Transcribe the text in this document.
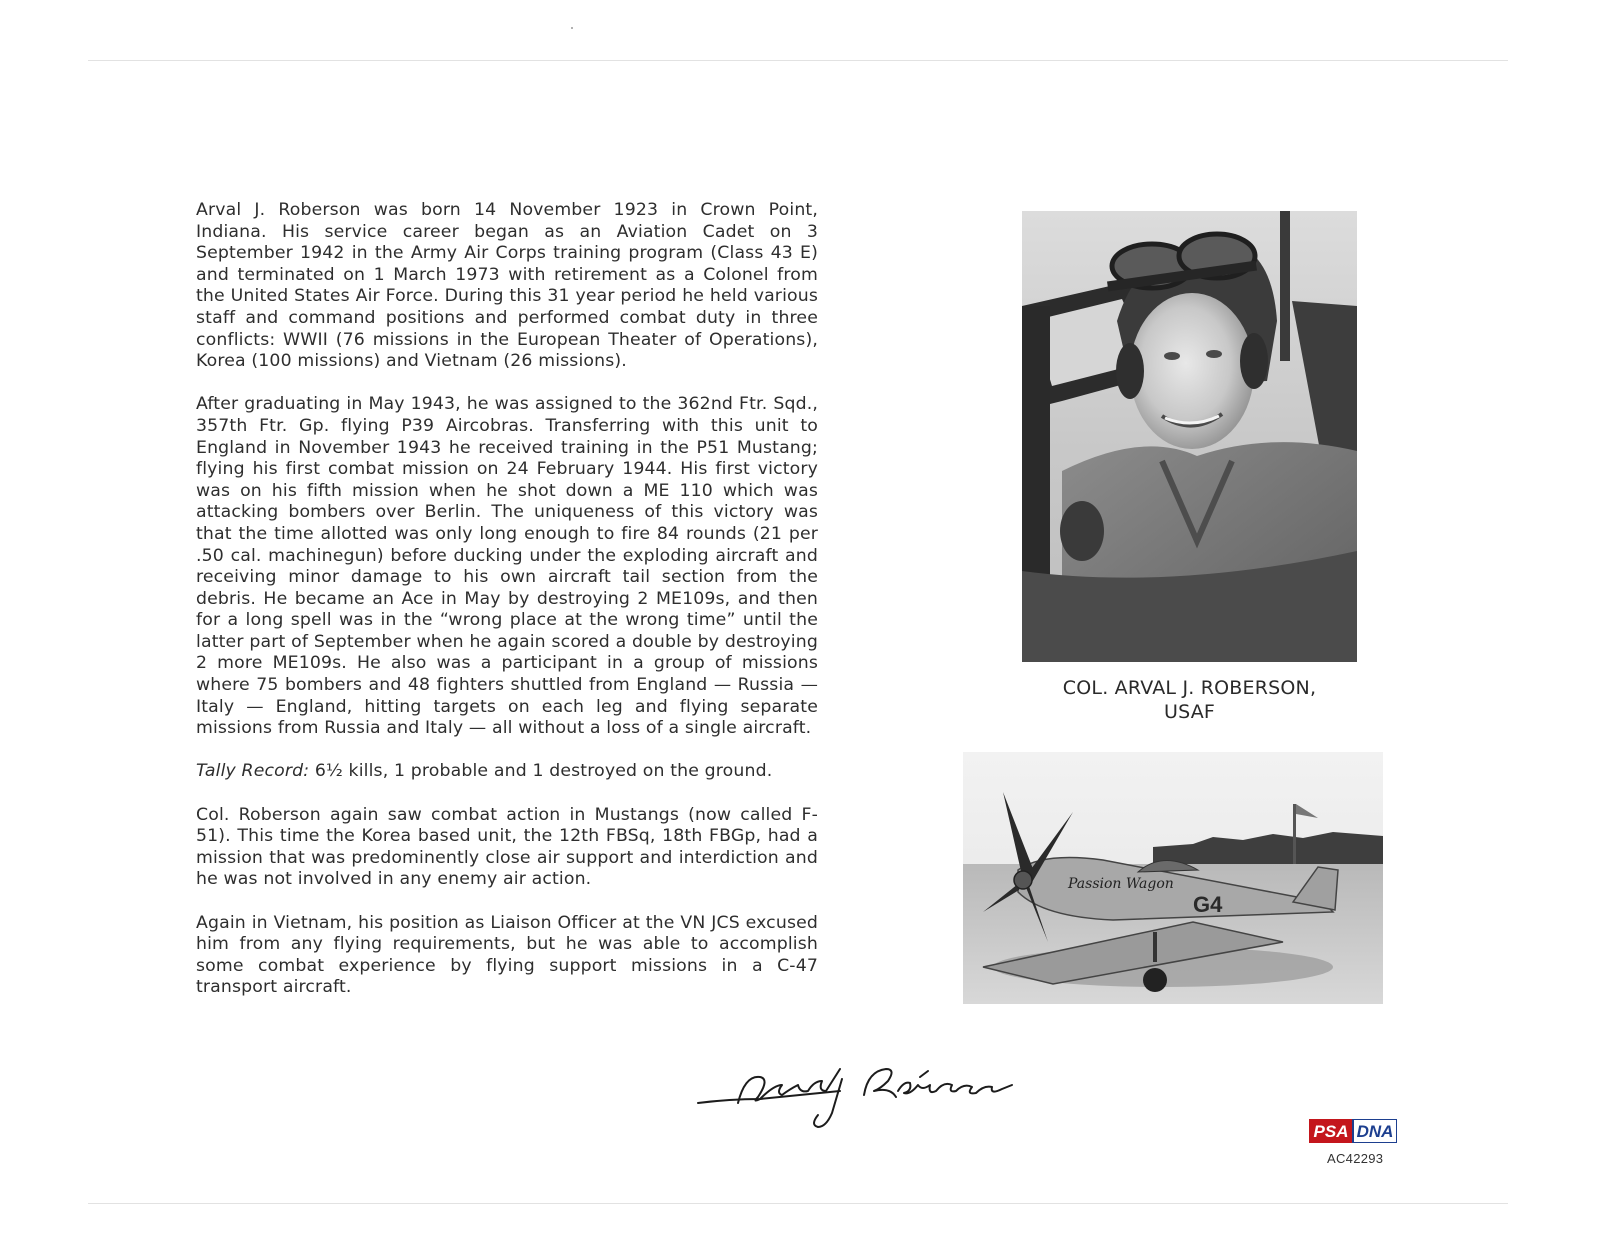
Arval J. Roberson was born 14 November 1923 in Crown Point, Indiana. His service career began as an Aviation Cadet on 3 September 1942 in the Army Air Corps training program (Class 43 E) and terminated on 1 March 1973 with retirement as a Colonel from the United States Air Force. During this 31 year period he held various staff and command positions and performed combat duty in three conflicts: WWII (76 missions in the European Theater of Operations), Korea (100 missions) and Vietnam (26 missions).

After graduating in May 1943, he was assigned to the 362nd Ftr. Sqd., 357th Ftr. Gp. flying P39 Aircobras. Transferring with this unit to England in November 1943 he received training in the P51 Mustang; flying his first combat mission on 24 February 1944. His first victory was on his fifth mission when he shot down a ME 110 which was attacking bombers over Berlin. The uniqueness of this victory was that the time allotted was only long enough to fire 84 rounds (21 per .50 cal. machinegun) before ducking under the exploding aircraft and receiving minor damage to his own aircraft tail section from the debris. He became an Ace in May by destroying 2 ME109s, and then for a long spell was in the “wrong place at the wrong time” until the latter part of September when he again scored a double by destroying 2 more ME109s. He also was a participant in a group of missions where 75 bombers and 48 fighters shuttled from England — Russia — Italy — England, hitting targets on each leg and flying separate missions from Russia and Italy — all without a loss of a single aircraft.

Tally Record: 6½ kills, 1 probable and 1 destroyed on the ground.

Col. Roberson again saw combat action in Mustangs (now called F-51). This time the Korea based unit, the 12th FBSq, 18th FBGp, had a mission that was predominently close air support and interdiction and he was not involved in any enemy air action.

Again in Vietnam, his position as Liaison Officer at the VN JCS excused him from any flying requirements, but he was able to accomplish some combat experience by flying support missions in a C-47 transport aircraft.

COL. ARVAL J. ROBERSON,
USAF
Passion Wagon
G4
PSA DNA
AC42293
